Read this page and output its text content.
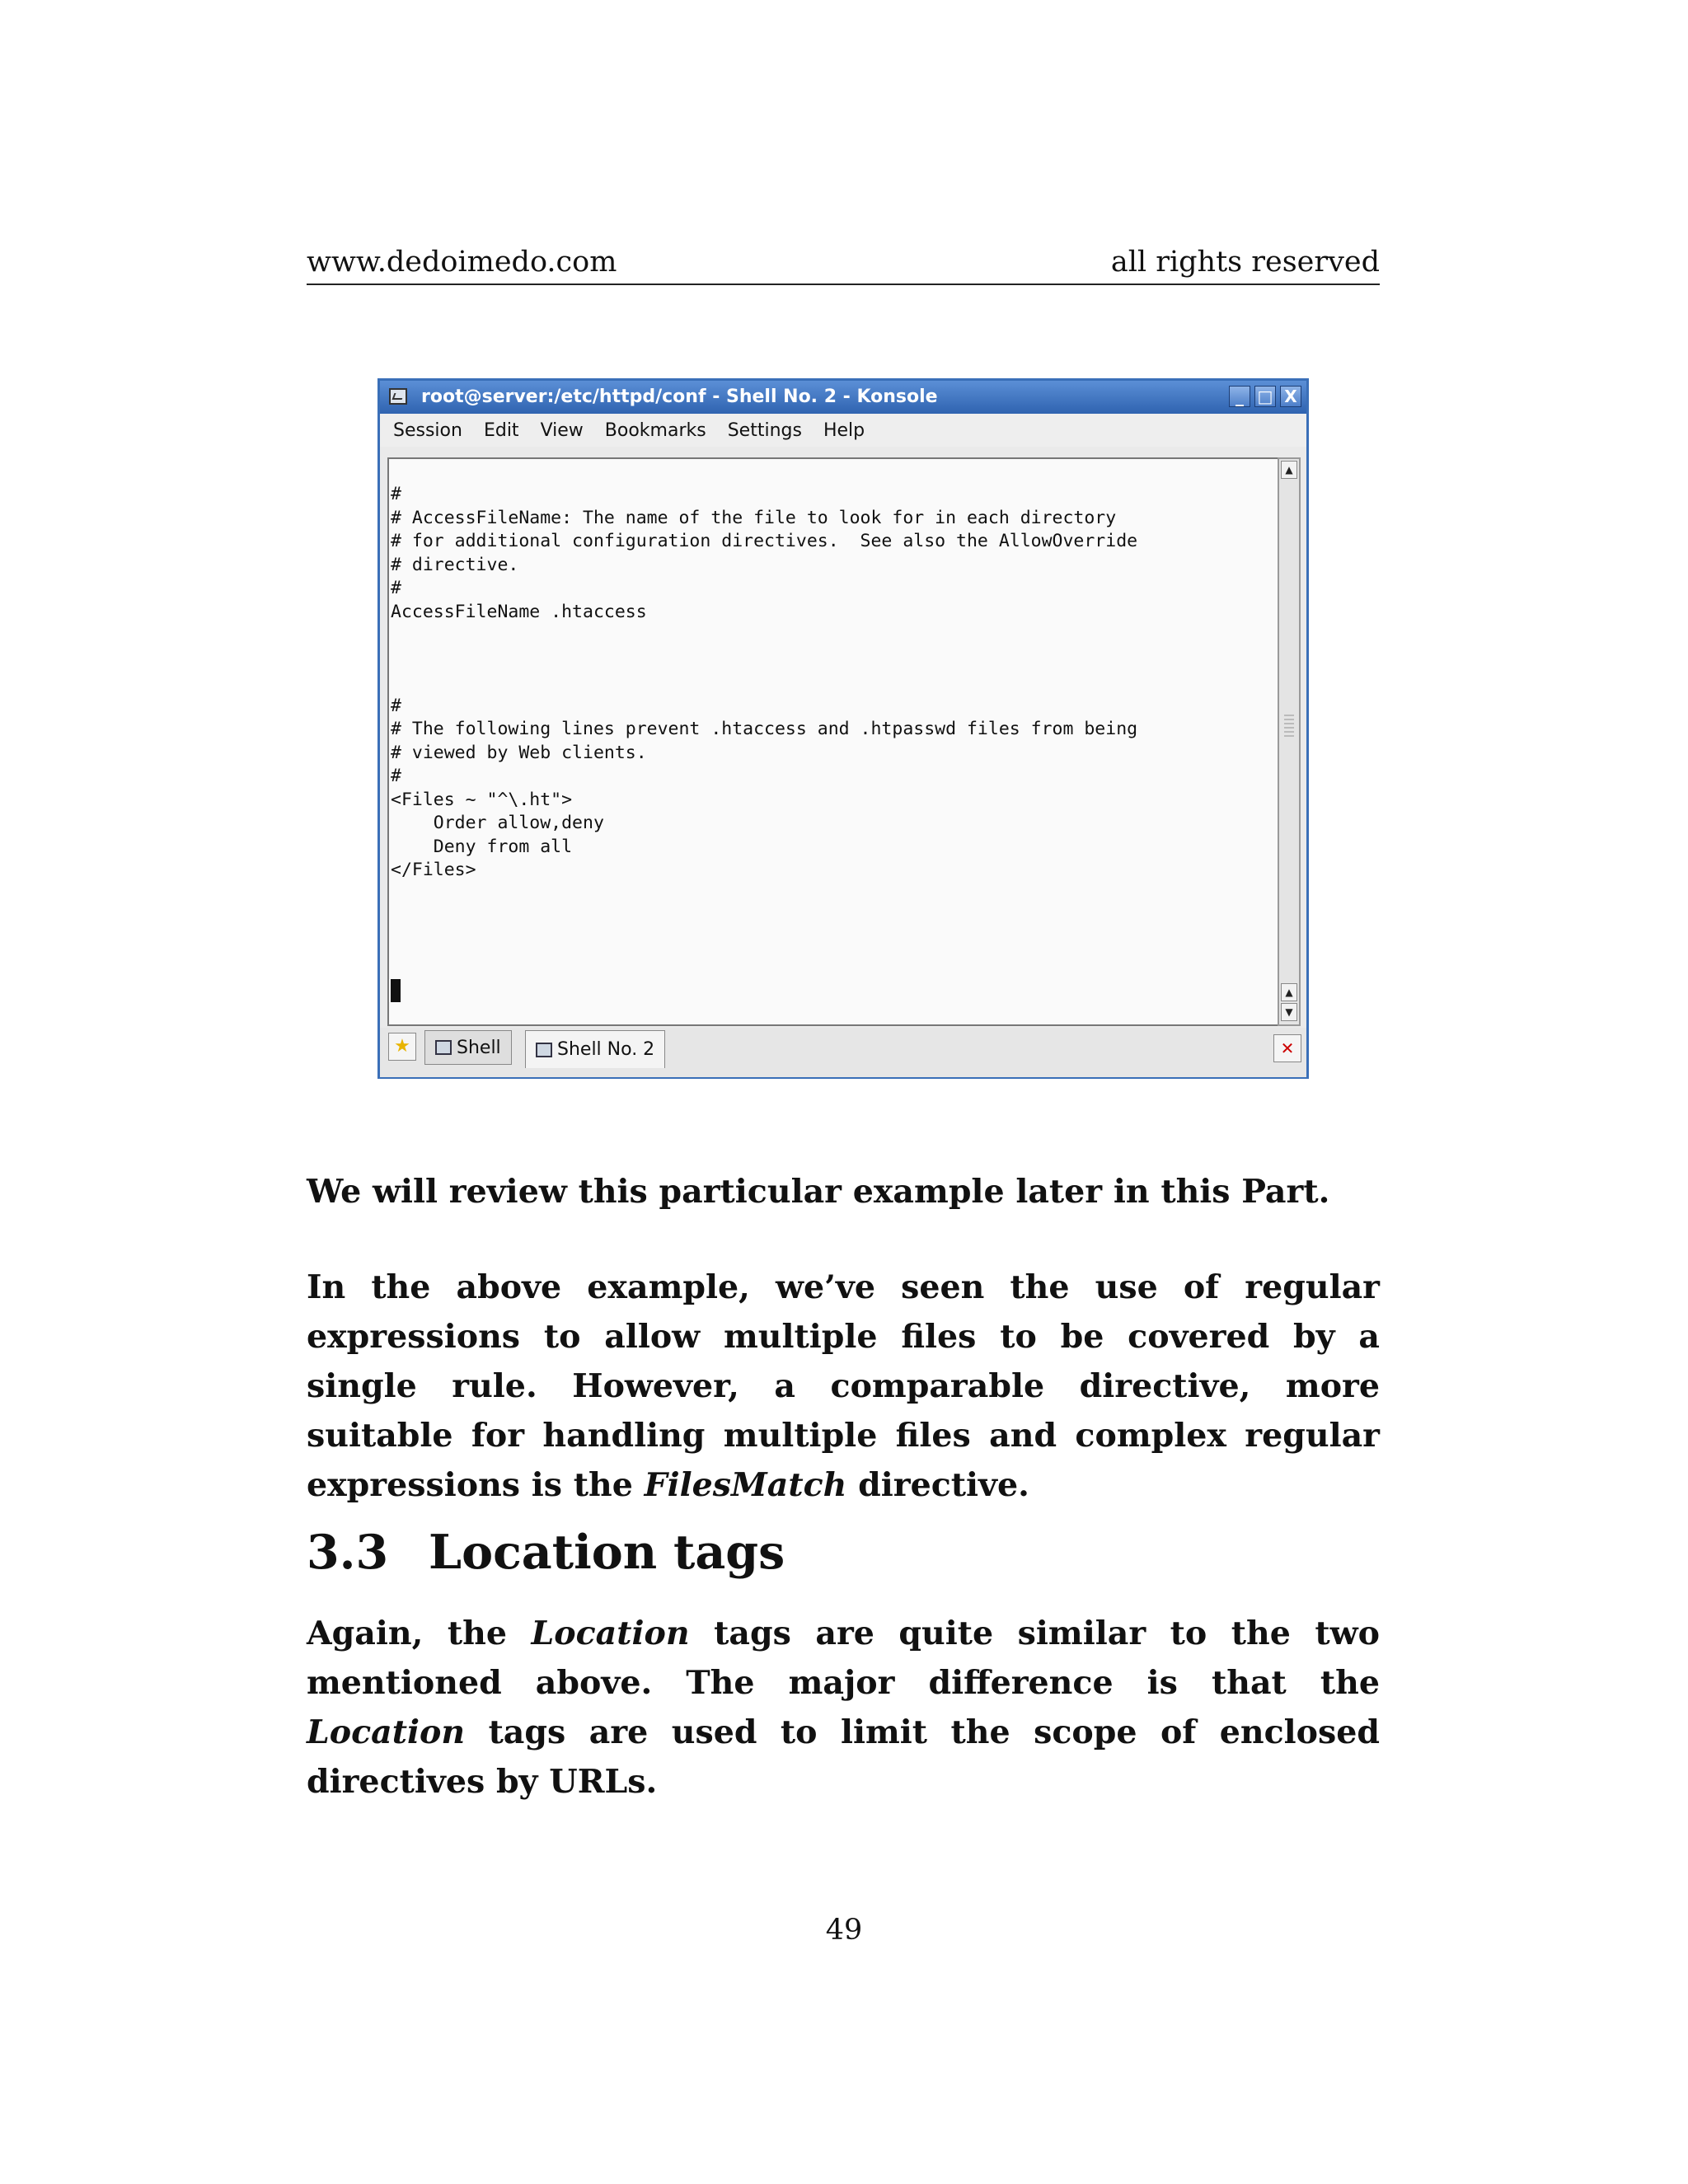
www.dedoimedo.com	all rights reserved
root@server:/etc/httpd/conf - Shell No. 2 - Konsole	_ □ X
Session Edit View Bookmarks Settings Help
#
# AccessFileName: The name of the file to look for in each directory
# for additional configuration directives.  See also the AllowOverride
# directive.
#
AccessFileName .htaccess

#
# The following lines prevent .htaccess and .htpasswd files from being
# viewed by Web clients.
#
<Files ~ "^\.ht">
Order allow,deny
Deny from all
</Files>
▲
▲
▼
★	Shell	Shell No. 2	✕
We will review this particular example later in this Part.
In the above example, we’ve seen the use of regular expressions to allow multiple files to be covered by a single rule. However, a comparable directive, more suitable for handling multiple files and complex regular expressions is the FilesMatch directive.
3.3 Location tags
Again, the Location tags are quite similar to the two mentioned above. The major difference is that the Location tags are used to limit the scope of enclosed directives by URLs.
49
